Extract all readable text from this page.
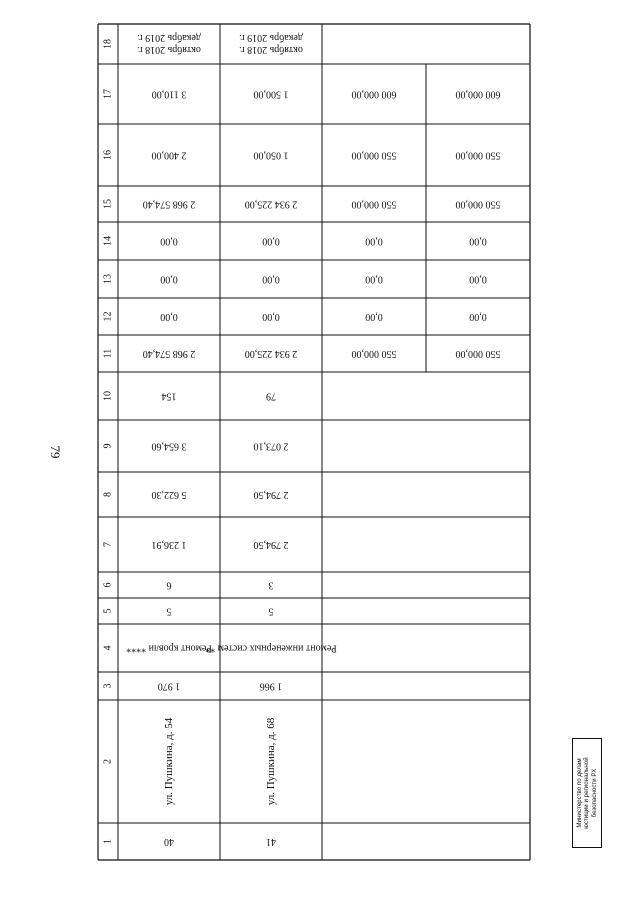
79
1
2
3
4
5
6
7
8
9
10
11
12
13
14
15
16
17
18
40
ул. Пушкина, д. 54
1 970
Ремонт кровли ****
5
6
1 236,91
5 622,30
3 654,60
154
2 968 574,40
0,00
0,00
0,00
2 968 574,40
2 400,00
3 110,00
октябрь 2018 г.декабрь 2019 г.
41
ул. Пушкина, д. 68
1 966
Ремонт инженерных систем **
5
3
2 794,50
2 794,50
2 073,10
79
2 934 225,00
0,00
0,00
0,00
2 934 225,00
1 050,00
1 500,00
октябрь 2018 г.декабрь 2019 г.
550 000,00
0,00
0,00
0,00
550 000,00
550 000,00
600 000,00
550 000,00
0,00
0,00
0,00
550 000,00
550 000,00
600 000,00
Министерство по делам юстиции и региональной безопасности РХ
